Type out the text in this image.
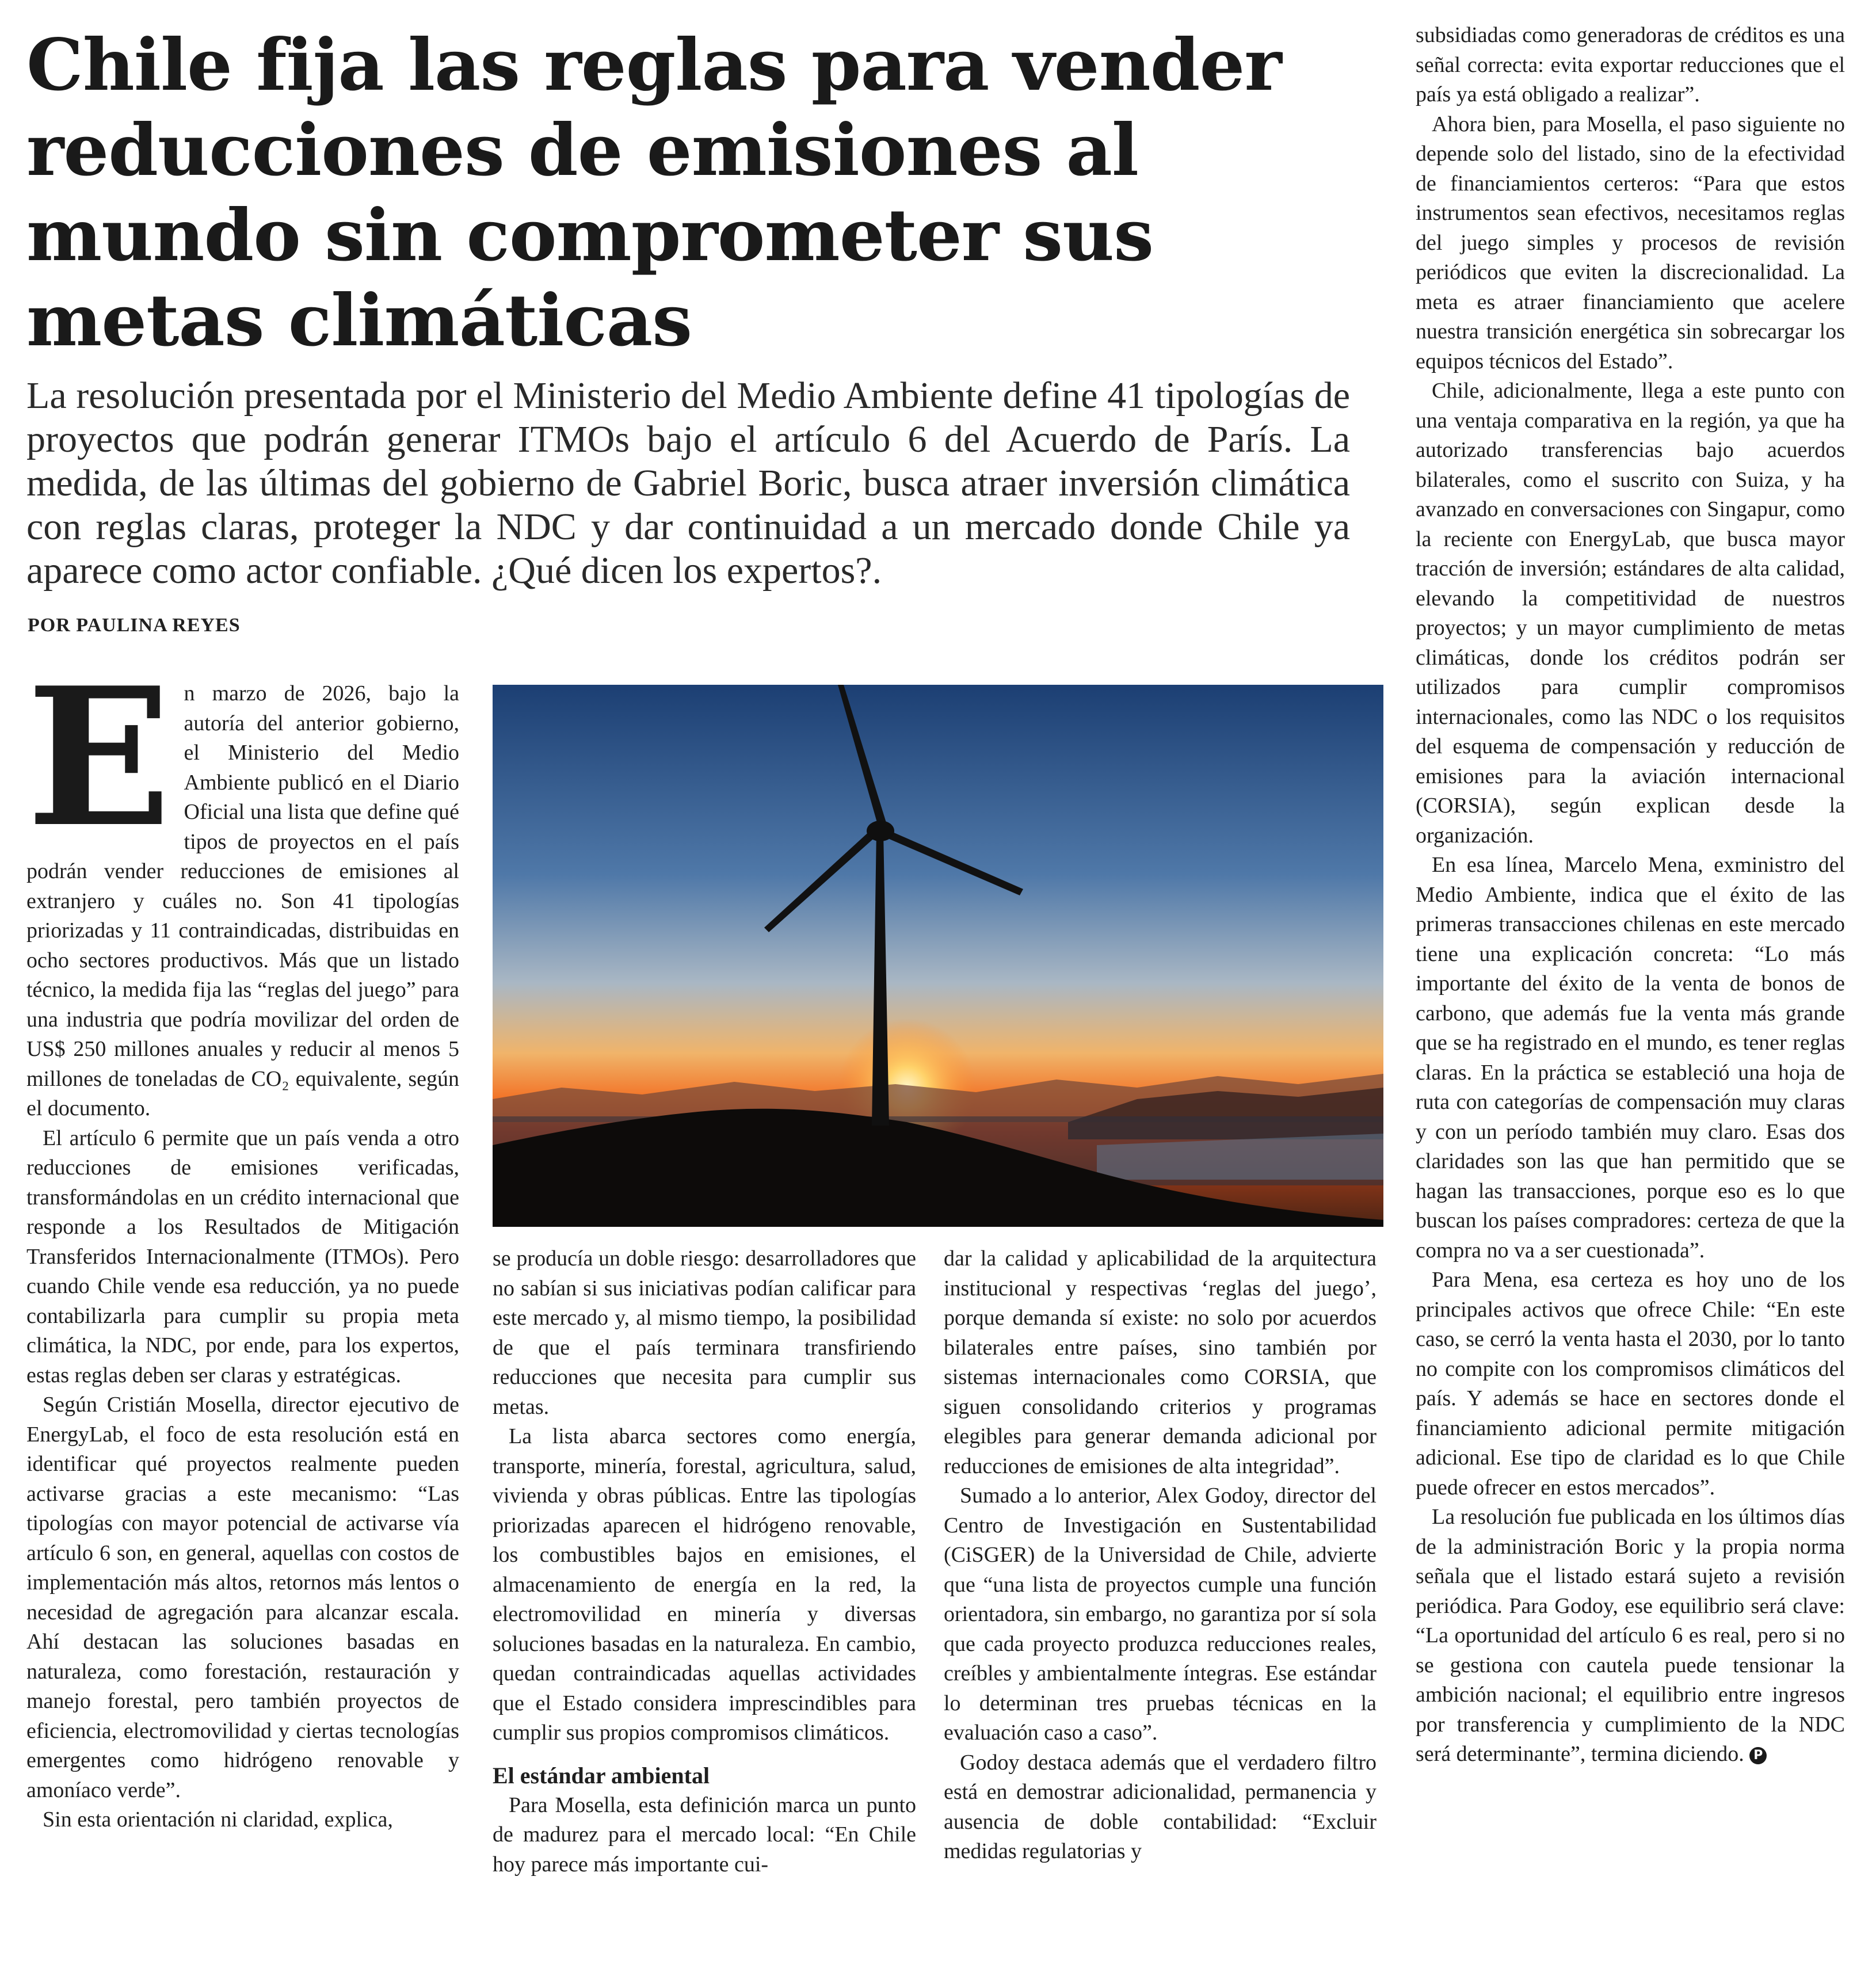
Chile fija las reglas para vender reducciones de emisiones al mundo sin comprometer sus metas climáticas

La resolución presentada por el Ministerio del Medio Ambiente define 41 tipologías de proyectos que podrán generar ITMOs bajo el artículo 6 del Acuerdo de París. La medida, de las últimas del gobierno de Gabriel Boric, busca atraer inversión climática con reglas claras, proteger la NDC y dar continuidad a un mercado donde Chile ya aparece como actor confiable. ¿Qué dicen los expertos?.

POR PAULINA REYES
E n marzo de 2026, bajo la autoría del anterior gobierno, el Ministerio del Medio Ambiente publicó en el Diario Oficial una lista que define qué tipos de proyectos en el país podrán vender reducciones de emisiones al extranjero y cuáles no. Son 41 tipologías priorizadas y 11 contraindicadas, distribuidas en ocho sectores productivos. Más que un listado técnico, la medida fija las “reglas del juego” para una industria que podría movilizar del orden de US$ 250 millones anuales y reducir al menos 5 millones de toneladas de CO₂ equivalente, según el documento.

El artículo 6 permite que un país venda a otro reducciones de emisiones verificadas, transformándolas en un crédito internacional que responde a los Resultados de Mitigación Transferidos Internacionalmente (ITMOs). Pero cuando Chile vende esa reducción, ya no puede contabilizarla para cumplir su propia meta climática, la NDC, por ende, para los expertos, estas reglas deben ser claras y estratégicas.

Según Cristián Mosella, director ejecutivo de EnergyLab, el foco de esta resolución está en identificar qué proyectos realmente pueden activarse gracias a este mecanismo: “Las tipologías con mayor potencial de activarse vía artículo 6 son, en general, aquellas con costos de implementación más altos, retornos más lentos o necesidad de agregación para alcanzar escala. Ahí destacan las soluciones basadas en naturaleza, como forestación, restauración y manejo forestal, pero también proyectos de eficiencia, electromovilidad y ciertas tecnologías emergentes como hidrógeno renovable y amoníaco verde”.

Sin esta orientación ni claridad, explica,

se producía un doble riesgo: desarrolladores que no sabían si sus iniciativas podían calificar para este mercado y, al mismo tiempo, la posibilidad de que el país terminara transfiriendo reducciones que necesita para cumplir sus metas.

La lista abarca sectores como energía, transporte, minería, forestal, agricultura, salud, vivienda y obras públicas. Entre las tipologías priorizadas aparecen el hidrógeno renovable, los combustibles bajos en emisiones, el almacenamiento de energía en la red, la electromovilidad en minería y diversas soluciones basadas en la naturaleza. En cambio, quedan contraindicadas aquellas actividades que el Estado considera imprescindibles para cumplir sus propios compromisos climáticos.

El estándar ambiental

Para Mosella, esta definición marca un punto de madurez para el mercado local: “En Chile hoy parece más importante cui-

dar la calidad y aplicabilidad de la arquitectura institucional y respectivas ‘reglas del juego’, porque demanda sí existe: no solo por acuerdos bilaterales entre países, sino también por sistemas internacionales como CORSIA, que siguen consolidando criterios y programas elegibles para generar demanda adicional por reducciones de emisiones de alta integridad”.

Sumado a lo anterior, Alex Godoy, director del Centro de Investigación en Sustentabilidad (CiSGER) de la Universidad de Chile, advierte que “una lista de proyectos cumple una función orientadora, sin embargo, no garantiza por sí sola que cada proyecto produzca reducciones reales, creíbles y ambientalmente íntegras. Ese estándar lo determinan tres pruebas técnicas en la evaluación caso a caso”.

Godoy destaca además que el verdadero filtro está en demostrar adicionalidad, permanencia y ausencia de doble contabilidad: “Excluir medidas regulatorias y

subsidiadas como generadoras de créditos es una señal correcta: evita exportar reducciones que el país ya está obligado a realizar”.

Ahora bien, para Mosella, el paso siguiente no depende solo del listado, sino de la efectividad de financiamientos certeros: “Para que estos instrumentos sean efectivos, necesitamos reglas del juego simples y procesos de revisión periódicos que eviten la discrecionalidad. La meta es atraer financiamiento que acelere nuestra transición energética sin sobrecargar los equipos técnicos del Estado”.

Chile, adicionalmente, llega a este punto con una ventaja comparativa en la región, ya que ha autorizado transferencias bajo acuerdos bilaterales, como el suscrito con Suiza, y ha avanzado en conversaciones con Singapur, como la reciente con EnergyLab, que busca mayor tracción de inversión; estándares de alta calidad, elevando la competitividad de nuestros proyectos; y un mayor cumplimiento de metas climáticas, donde los créditos podrán ser utilizados para cumplir compromisos internacionales, como las NDC o los requisitos del esquema de compensación y reducción de emisiones para la aviación internacional (CORSIA), según explican desde la organización.

En esa línea, Marcelo Mena, exministro del Medio Ambiente, indica que el éxito de las primeras transacciones chilenas en este mercado tiene una explicación concreta: “Lo más importante del éxito de la venta de bonos de carbono, que además fue la venta más grande que se ha registrado en el mundo, es tener reglas claras. En la práctica se estableció una hoja de ruta con categorías de compensación muy claras y con un período también muy claro. Esas dos claridades son las que han permitido que se hagan las transacciones, porque eso es lo que buscan los países compradores: certeza de que la compra no va a ser cuestionada”.

Para Mena, esa certeza es hoy uno de los principales activos que ofrece Chile: “En este caso, se cerró la venta hasta el 2030, por lo tanto no compite con los compromisos climáticos del país. Y además se hace en sectores donde el financiamiento adicional permite mitigación adicional. Ese tipo de claridad es lo que Chile puede ofrecer en estos mercados”.

La resolución fue publicada en los últimos días de la administración Boric y la propia norma señala que el listado estará sujeto a revisión periódica. Para Godoy, ese equilibrio será clave: “La oportunidad del artículo 6 es real, pero si no se gestiona con cautela puede tensionar la ambición nacional; el equilibrio entre ingresos por transferencia y cumplimiento de la NDC será determinante”, termina diciendo. P
